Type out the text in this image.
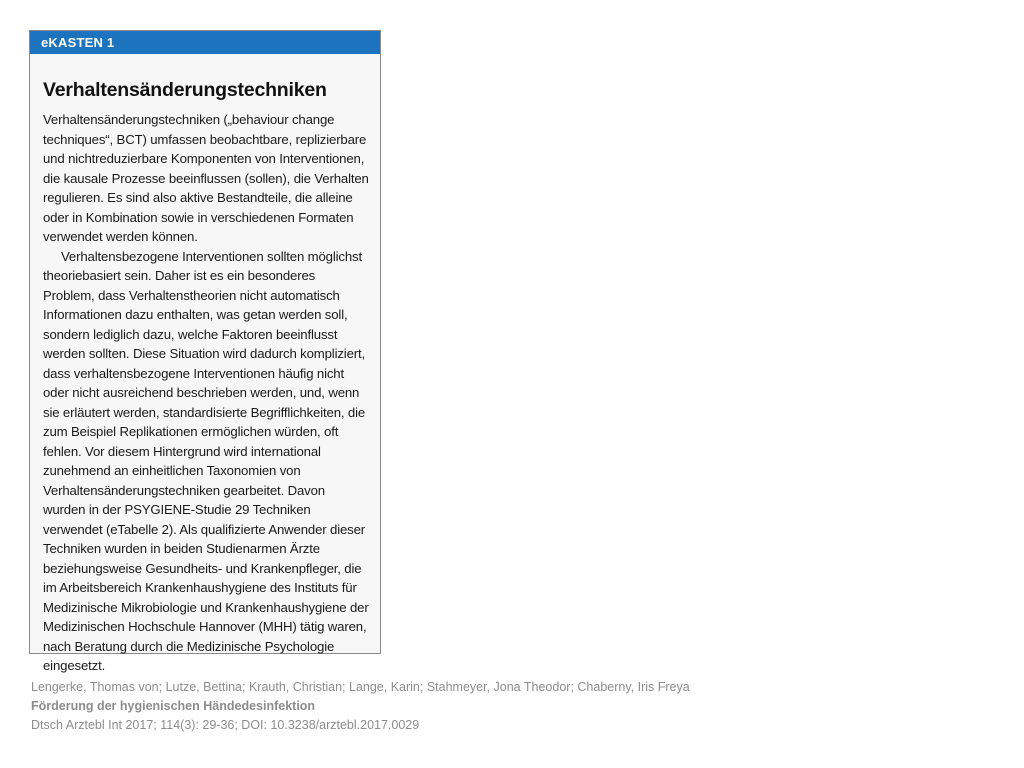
eKASTEN 1
Verhaltensänderungstechniken

Verhaltensänderungstechniken („behaviour change techniques“, BCT) umfassen beobachtbare, replizierbare und nichtreduzierbare Komponenten von Interventionen, die kausale Prozesse beeinflussen (sollen), die Verhalten regulieren. Es sind also aktive Bestandteile, die alleine oder in Kombination sowie in verschiedenen Formaten verwendet werden können.

Verhaltensbezogene Interventionen sollten möglichst theoriebasiert sein. Daher ist es ein besonderes Problem, dass Verhaltenstheorien nicht automatisch Informationen dazu enthalten, was getan werden soll, sondern lediglich dazu, welche Faktoren beeinflusst werden sollten. Diese Situation wird dadurch kompliziert, dass verhaltensbezogene Interventionen häufig nicht oder nicht ausreichend beschrieben werden, und, wenn sie erläutert werden, standardisierte Begrifflichkeiten, die zum Beispiel Replikationen ermöglichen würden, oft fehlen. Vor diesem Hintergrund wird international zunehmend an einheitlichen Taxonomien von Verhaltensänderungstechniken gearbeitet. Davon wurden in der PSYGIENE-Studie 29 Techniken verwendet (eTabelle 2). Als qualifizierte Anwender dieser Techniken wurden in beiden Studienarmen Ärzte beziehungsweise Gesundheits- und Krankenpfleger, die im Arbeitsbereich Krankenhaushygiene des Instituts für Medizinische Mikrobiologie und Krankenhaushygiene der Medizinischen Hochschule Hannover (MHH) tätig waren, nach Beratung durch die Medizinische Psychologie eingesetzt.

Lengerke, Thomas von; Lutze, Bettina; Krauth, Christian; Lange, Karin; Stahmeyer, Jona Theodor; Chaberny, Iris Freya
Förderung der hygienischen Händedesinfektion
Dtsch Arztebl Int 2017; 114(3): 29-36; DOI: 10.3238/arztebl.2017.0029
